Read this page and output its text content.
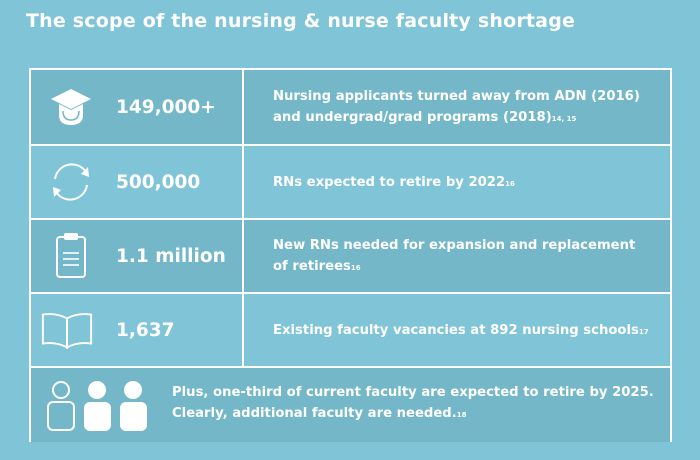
The scope of the nursing & nurse faculty shortage
149,000+	Nursing applicants turned away from ADN (2016)
and undergrad/grad programs $(2018)^{14, 15}$
500,000	RNs expected to retire by 2022$^{16}$
1.1 million	New RNs needed for expansion and replacement
of retirees$^{16}$
1,637	Existing faculty vacancies at 892 nursing schools$^{17}$
Plus, one-third of current faculty are expected to retire by 2025.
Clearly, additional faculty are needed.$^{18}$
